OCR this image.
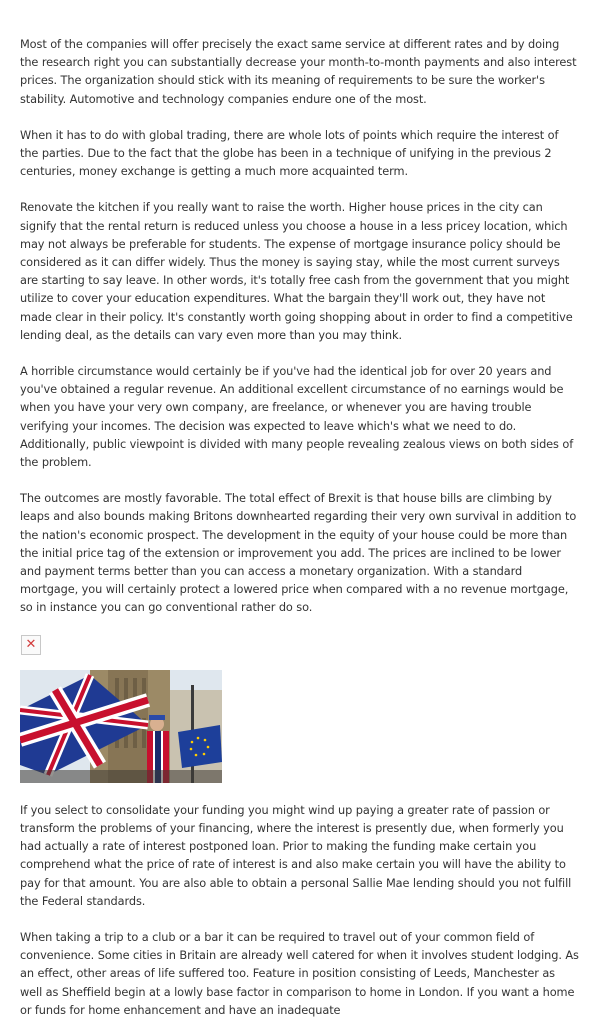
Most of the companies will offer precisely the exact same service at different rates and by doing the research right you can substantially decrease your month-to-month payments and also interest prices. The organization should stick with its meaning of requirements to be sure the worker's stability. Automotive and technology companies endure one of the most.

When it has to do with global trading, there are whole lots of points which require the interest of the parties. Due to the fact that the globe has been in a technique of unifying in the previous 2 centuries, money exchange is getting a much more acquainted term.

Renovate the kitchen if you really want to raise the worth. Higher house prices in the city can signify that the rental return is reduced unless you choose a house in a less pricey location, which may not always be preferable for students. The expense of mortgage insurance policy should be considered as it can differ widely. Thus the money is saying stay, while the most current surveys are starting to say leave. In other words, it's totally free cash from the government that you might utilize to cover your education expenditures. What the bargain they'll work out, they have not made clear in their policy. It's constantly worth going shopping about in order to find a competitive lending deal, as the details can vary even more than you may think.

A horrible circumstance would certainly be if you've had the identical job for over 20 years and you've obtained a regular revenue. An additional excellent circumstance of no earnings would be when you have your very own company, are freelance, or whenever you are having trouble verifying your incomes. The decision was expected to leave which's what we need to do. Additionally, public viewpoint is divided with many people revealing zealous views on both sides of the problem.

The outcomes are mostly favorable. The total effect of Brexit is that house bills are climbing by leaps and also bounds making Britons downhearted regarding their very own survival in addition to the nation's economic prospect. The development in the equity of your house could be more than the initial price tag of the extension or improvement you add. The prices are inclined to be lower and payment terms better than you can access a monetary organization. With a standard mortgage, you will certainly protect a lowered price when compared with a no revenue mortgage, so in instance you can go conventional rather do so.

✕

If you select to consolidate your funding you might wind up paying a greater rate of passion or transform the problems of your financing, where the interest is presently due, when formerly you had actually a rate of interest postponed loan. Prior to making the funding make certain you comprehend what the price of rate of interest is and also make certain you will have the ability to pay for that amount. You are also able to obtain a personal Sallie Mae lending should you not fulfill the Federal standards.

When taking a trip to a club or a bar it can be required to travel out of your common field of convenience. Some cities in Britain are already well catered for when it involves student lodging. As an effect, other areas of life suffered too. Feature in position consisting of Leeds, Manchester as well as Sheffield begin at a lowly base factor in comparison to home in London. If you want a home or funds for home enhancement and have an inadequate
